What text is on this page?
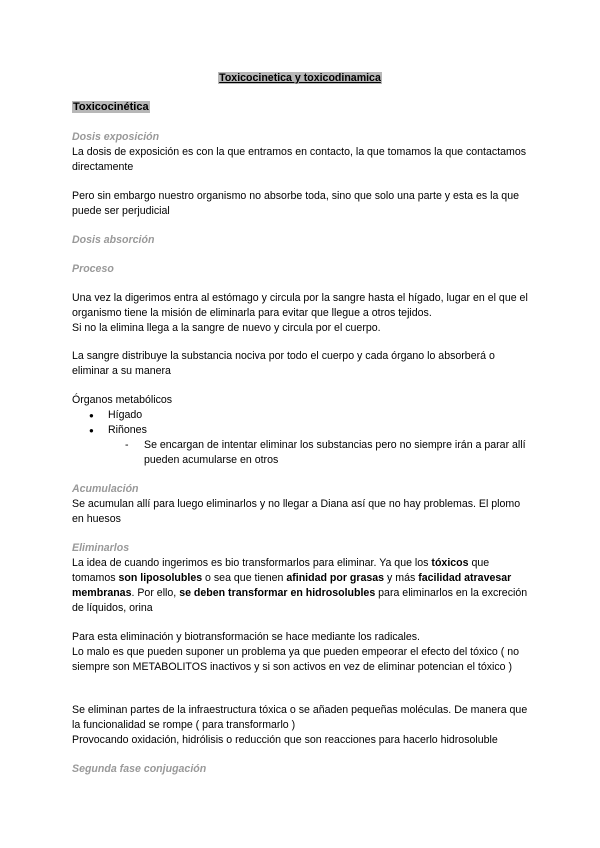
Toxicocinetica y toxicodinamica
Toxicocinética
Dosis exposición
La dosis de exposición es con la que entramos en contacto, la que tomamos la que contactamos directamente
Pero sin embargo nuestro organismo no absorbe toda, sino que solo una parte y esta es la que puede ser perjudicial
Dosis absorción
Proceso
Una vez la digerimos entra al estómago y circula por la sangre hasta el hígado, lugar en el que el organismo tiene la misión de eliminarla para evitar que llegue a otros tejidos.
Si no la elimina llega a la sangre de nuevo y circula por el cuerpo.
La sangre distribuye la substancia nociva por todo el cuerpo y cada órgano lo absorberá o eliminar a su manera
Órganos metabólicos
● Hígado
● Riñones
- Se encargan de intentar eliminar los substancias pero no siempre irán a parar allí pueden acumularse en otros
Acumulación
Se acumulan allí para luego eliminarlos y no llegar a Diana así que no hay problemas. El plomo en huesos
Eliminarlos
La idea de cuando ingerimos es bio transformarlos para eliminar. Ya que los tóxicos que tomamos son liposolubles o sea que tienen afinidad por grasas y más facilidad atravesar membranas. Por ello, se deben transformar en hidrosolubles para eliminarlos en la excreción de líquidos, orina
Para esta eliminación y biotransformación se hace mediante los radicales.
Lo malo es que pueden suponer un problema ya que pueden empeorar el efecto del tóxico ( no siempre son METABOLITOS inactivos y si son activos en vez de eliminar potencian el tóxico )
Se eliminan partes de la infraestructura tóxica o se añaden pequeñas moléculas. De manera que la funcionalidad se rompe ( para transformarlo )
Provocando oxidación, hidrólisis o reducción que son reacciones para hacerlo hidrosoluble
Segunda fase conjugación
